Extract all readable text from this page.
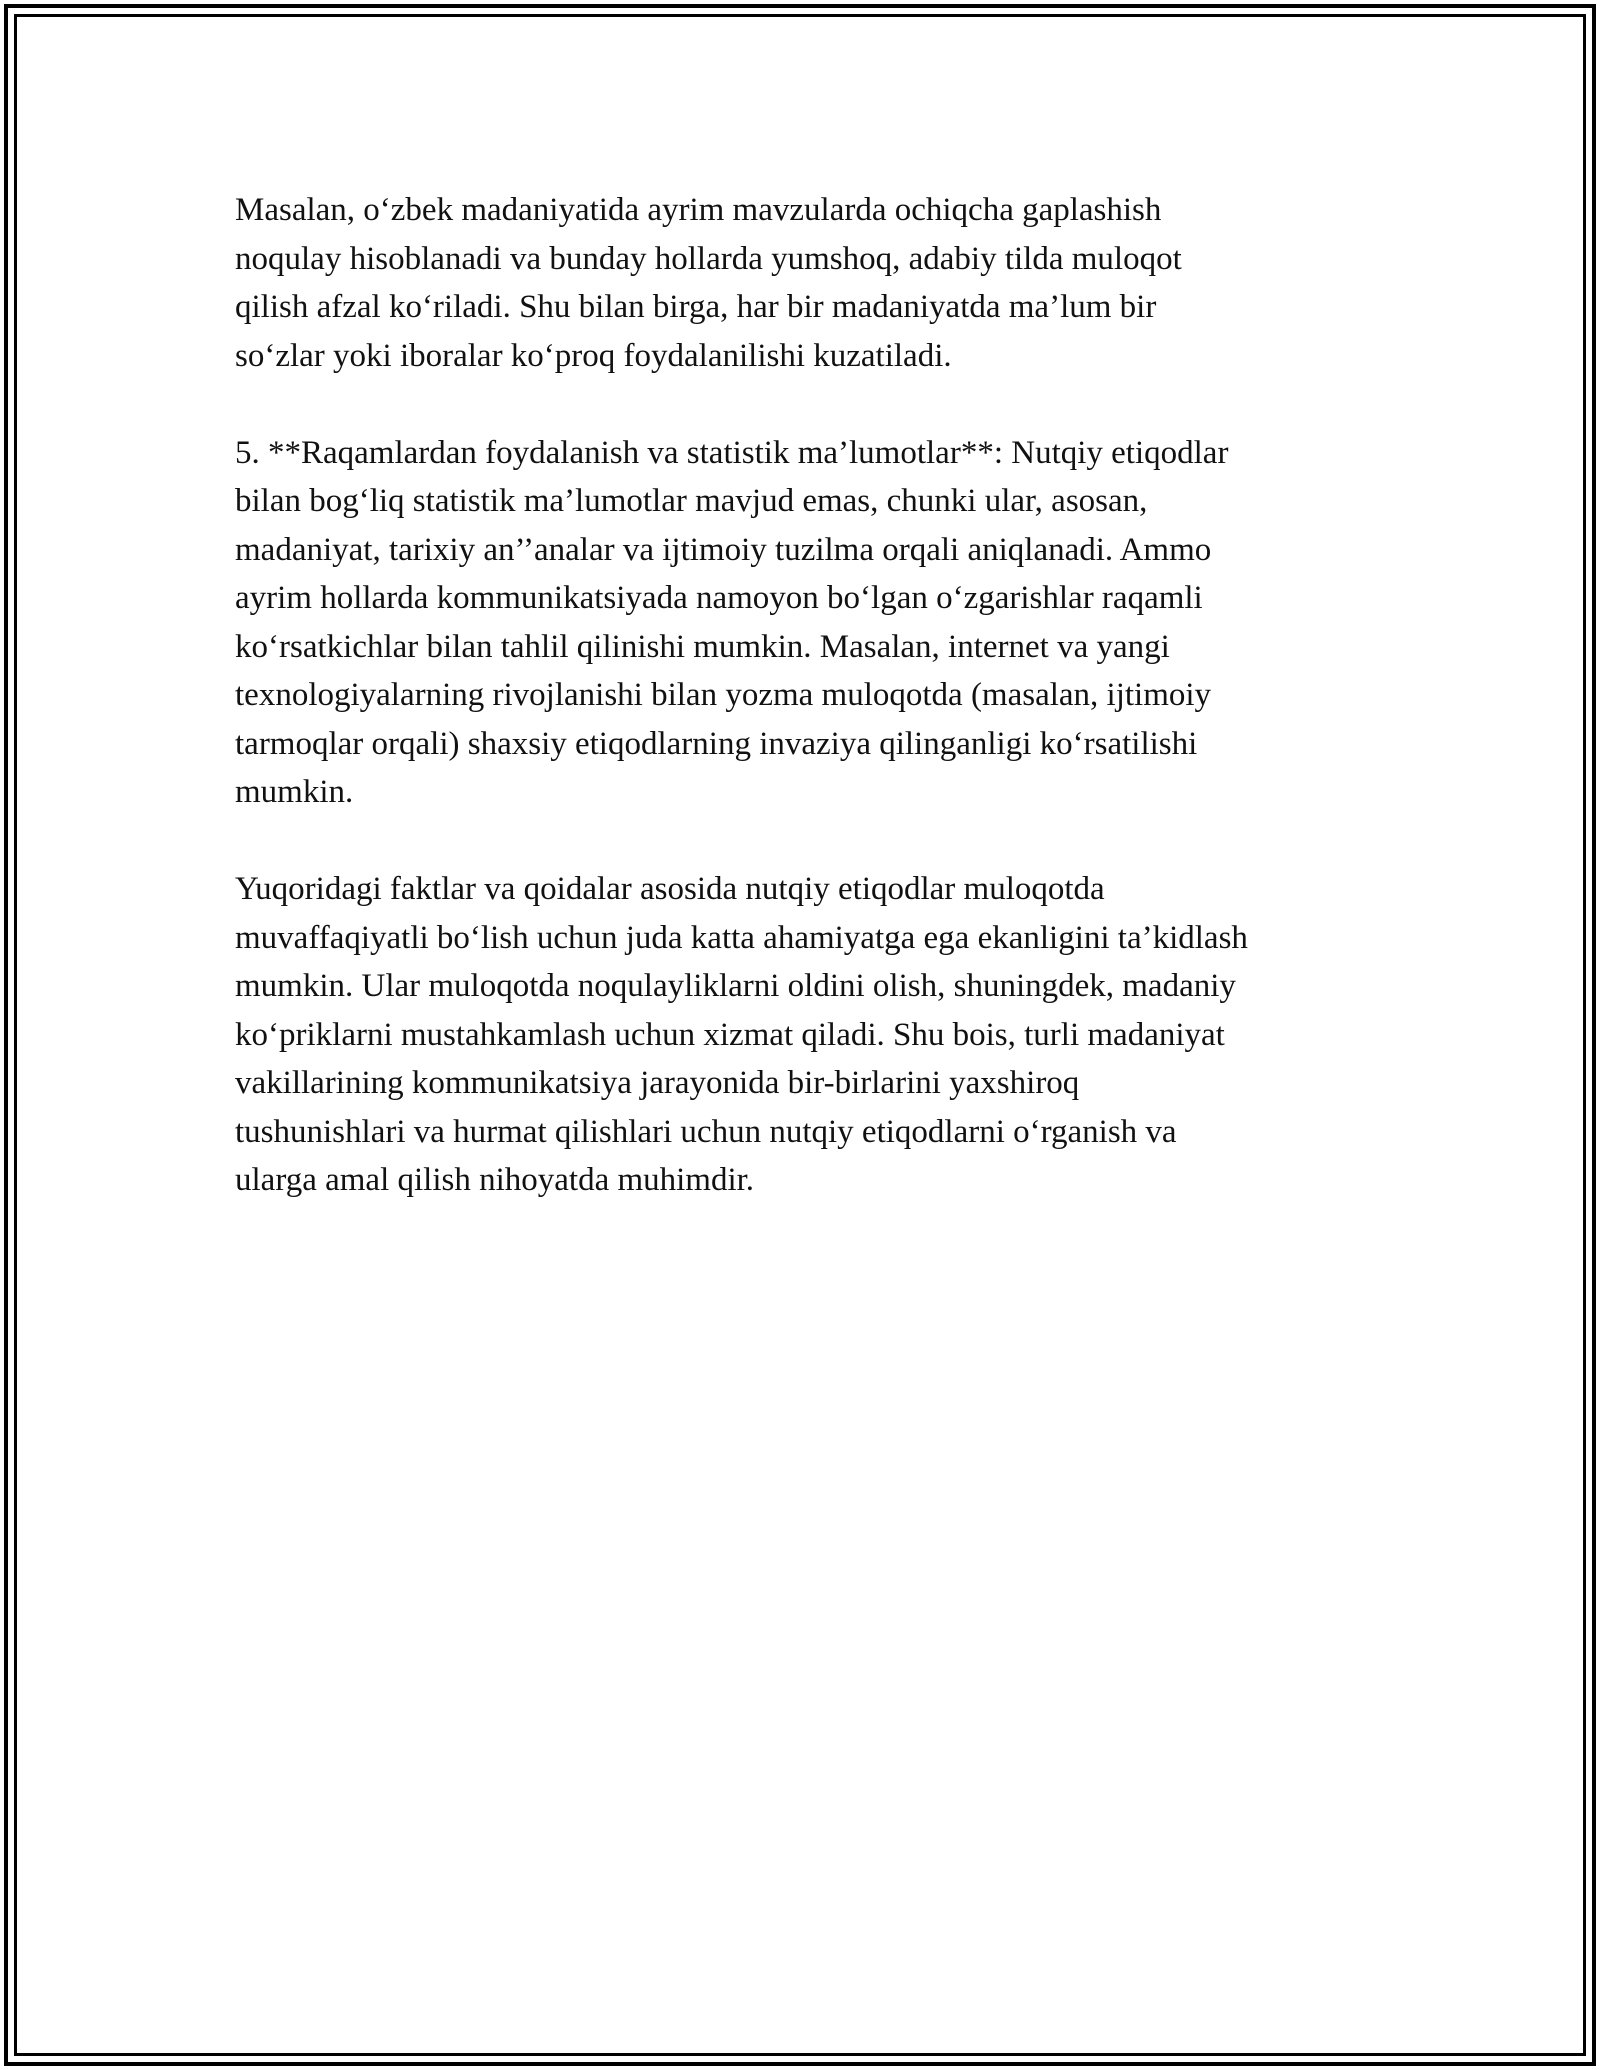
Masalan, o‘zbek madaniyatida ayrim mavzularda ochiqcha gaplashish
noqulay hisoblanadi va bunday hollarda yumshoq, adabiy tilda muloqot
qilish afzal ko‘riladi. Shu bilan birga, har bir madaniyatda ma’lum bir
so‘zlar yoki iboralar ko‘proq foydalanilishi kuzatiladi.

5. **Raqamlardan foydalanish va statistik ma’lumotlar**: Nutqiy etiqodlar
bilan bog‘liq statistik ma’lumotlar mavjud emas, chunki ular, asosan,
madaniyat, tarixiy an’’analar va ijtimoiy tuzilma orqali aniqlanadi. Ammo
ayrim hollarda kommunikatsiyada namoyon bo‘lgan o‘zgarishlar raqamli
ko‘rsatkichlar bilan tahlil qilinishi mumkin. Masalan, internet va yangi
texnologiyalarning rivojlanishi bilan yozma muloqotda (masalan, ijtimoiy
tarmoqlar orqali) shaxsiy etiqodlarning invaziya qilinganligi ko‘rsatilishi
mumkin.

Yuqoridagi faktlar va qoidalar asosida nutqiy etiqodlar muloqotda
muvaffaqiyatli bo‘lish uchun juda katta ahamiyatga ega ekanligini ta’kidlash
mumkin. Ular muloqotda noqulayliklarni oldini olish, shuningdek, madaniy
ko‘priklarni mustahkamlash uchun xizmat qiladi. Shu bois, turli madaniyat
vakillarining kommunikatsiya jarayonida bir-birlarini yaxshiroq
tushunishlari va hurmat qilishlari uchun nutqiy etiqodlarni o‘rganish va
ularga amal qilish nihoyatda muhimdir.
